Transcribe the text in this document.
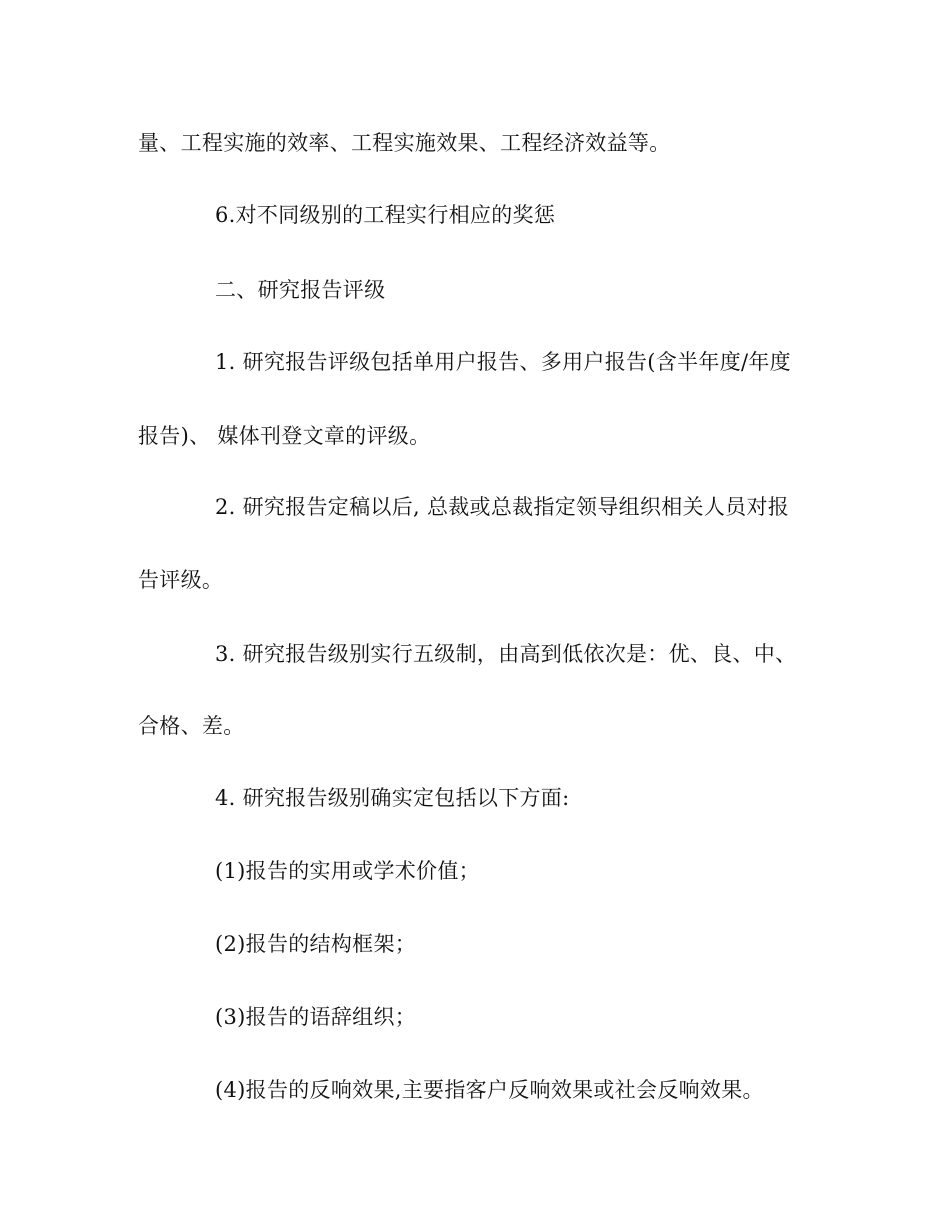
量、工程实施的效率、工程实施效果、工程经济效益等。
6.对不同级别的工程实行相应的奖惩
二、研究报告评级
1. 研究报告评级包括单用户报告、多用户报告(含半年度/年度
报告)、 媒体刊登文章的评级。
2. 研究报告定稿以后, 总裁或总裁指定领导组织相关人员对报
告评级。
3. 研究报告级别实行五级制，由高到低依次是：优、良、中、
合格、差。
4. 研究报告级别确实定包括以下方面:
(1)报告的实用或学术价值；
(2)报告的结构框架；
(3)报告的语辞组织；
(4)报告的反响效果,主要指客户反响效果或社会反响效果。
